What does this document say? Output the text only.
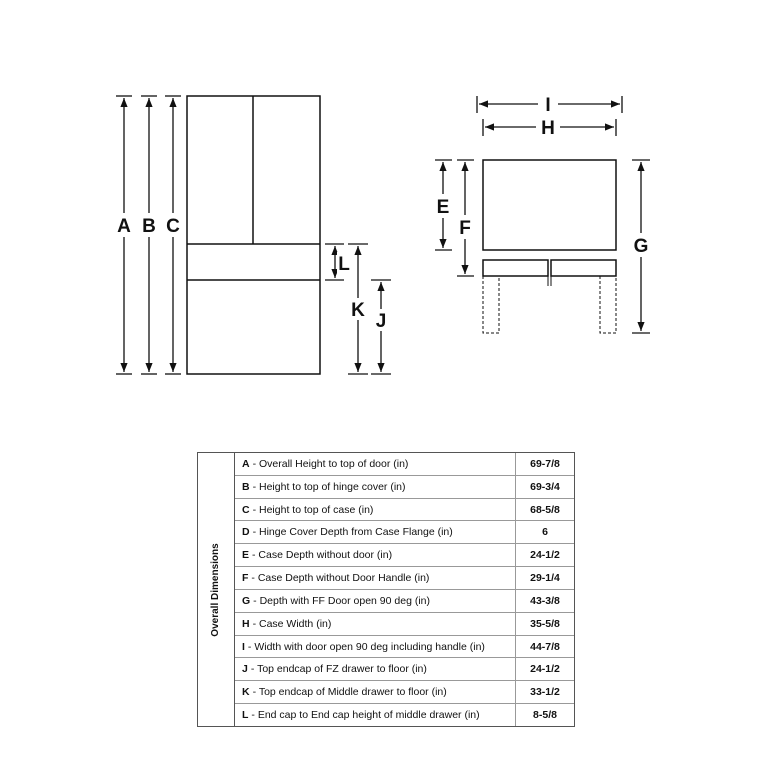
A B C
L
K
J
I
H
E
F
G
Overall Dimensions
A - Overall Height to top of door (in)	69-7/8
B - Height to top of hinge cover (in)	69-3/4
C - Height to top of case (in)	68-5/8
D - Hinge Cover Depth from Case Flange (in)	6
E - Case Depth without door (in)	24-1/2
F - Case Depth without Door Handle (in)	29-1/4
G - Depth with FF Door open 90 deg (in)	43-3/8
H - Case Width (in)	35-5/8
I - Width with door open 90 deg including handle (in)	44-7/8
J - Top endcap of FZ drawer to floor (in)	24-1/2
K - Top endcap of Middle drawer to floor (in)	33-1/2
L - End cap to End cap height of middle drawer (in)	8-5/8
